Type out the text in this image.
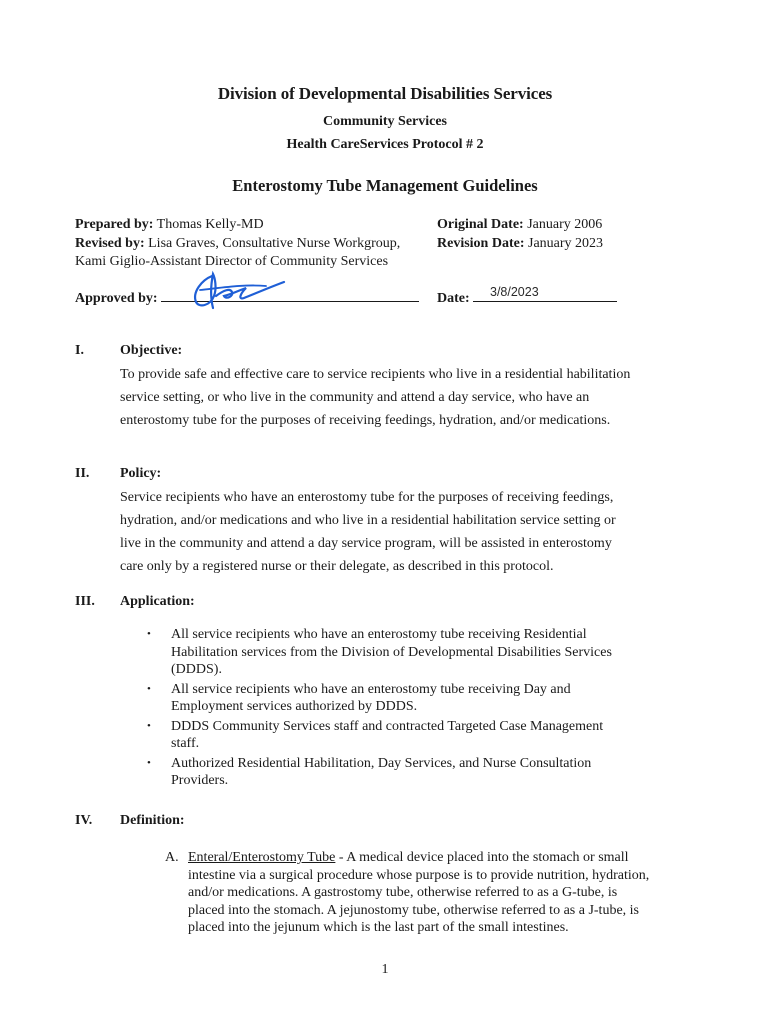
Division of Developmental Disabilities Services
Community Services
Health CareServices Protocol # 2
Enterostomy Tube Management Guidelines
Prepared by: Thomas Kelly-MD
Revised by: Lisa Graves, Consultative Nurse Workgroup,
Kami Giglio-Assistant Director of Community Services
Original Date: January 2006
Revision Date: January 2023
Approved by:	Date:	3/8/2023
I.	Objective:
To provide safe and effective care to service recipients who live in a residential habilitation
service setting, or who live in the community and attend a day service, who have an
enterostomy tube for the purposes of receiving feedings, hydration, and/or medications.
II. Policy:
Service recipients who have an enterostomy tube for the purposes of receiving feedings,
hydration, and/or medications and who live in a residential habilitation service setting or
live in the community and attend a day service program, will be assisted in enterostomy
care only by a registered nurse or their delegate, as described in this protocol.
III. Application:
• All service recipients who have an enterostomy tube receiving Residential
Habilitation services from the Division of Developmental Disabilities Services
(DDDS).
• All service recipients who have an enterostomy tube receiving Day and
Employment services authorized by DDDS.
• DDDS Community Services staff and contracted Targeted Case Management
staff.
• Authorized Residential Habilitation, Day Services, and Nurse Consultation
Providers.
IV. Definition:
A. Enteral/Enterostomy Tube - A medical device placed into the stomach or small
intestine via a surgical procedure whose purpose is to provide nutrition, hydration,
and/or medications. A gastrostomy tube, otherwise referred to as a G-tube, is
placed into the stomach. A jejunostomy tube, otherwise referred to as a J-tube, is
placed into the jejunum which is the last part of the small intestines.
1
